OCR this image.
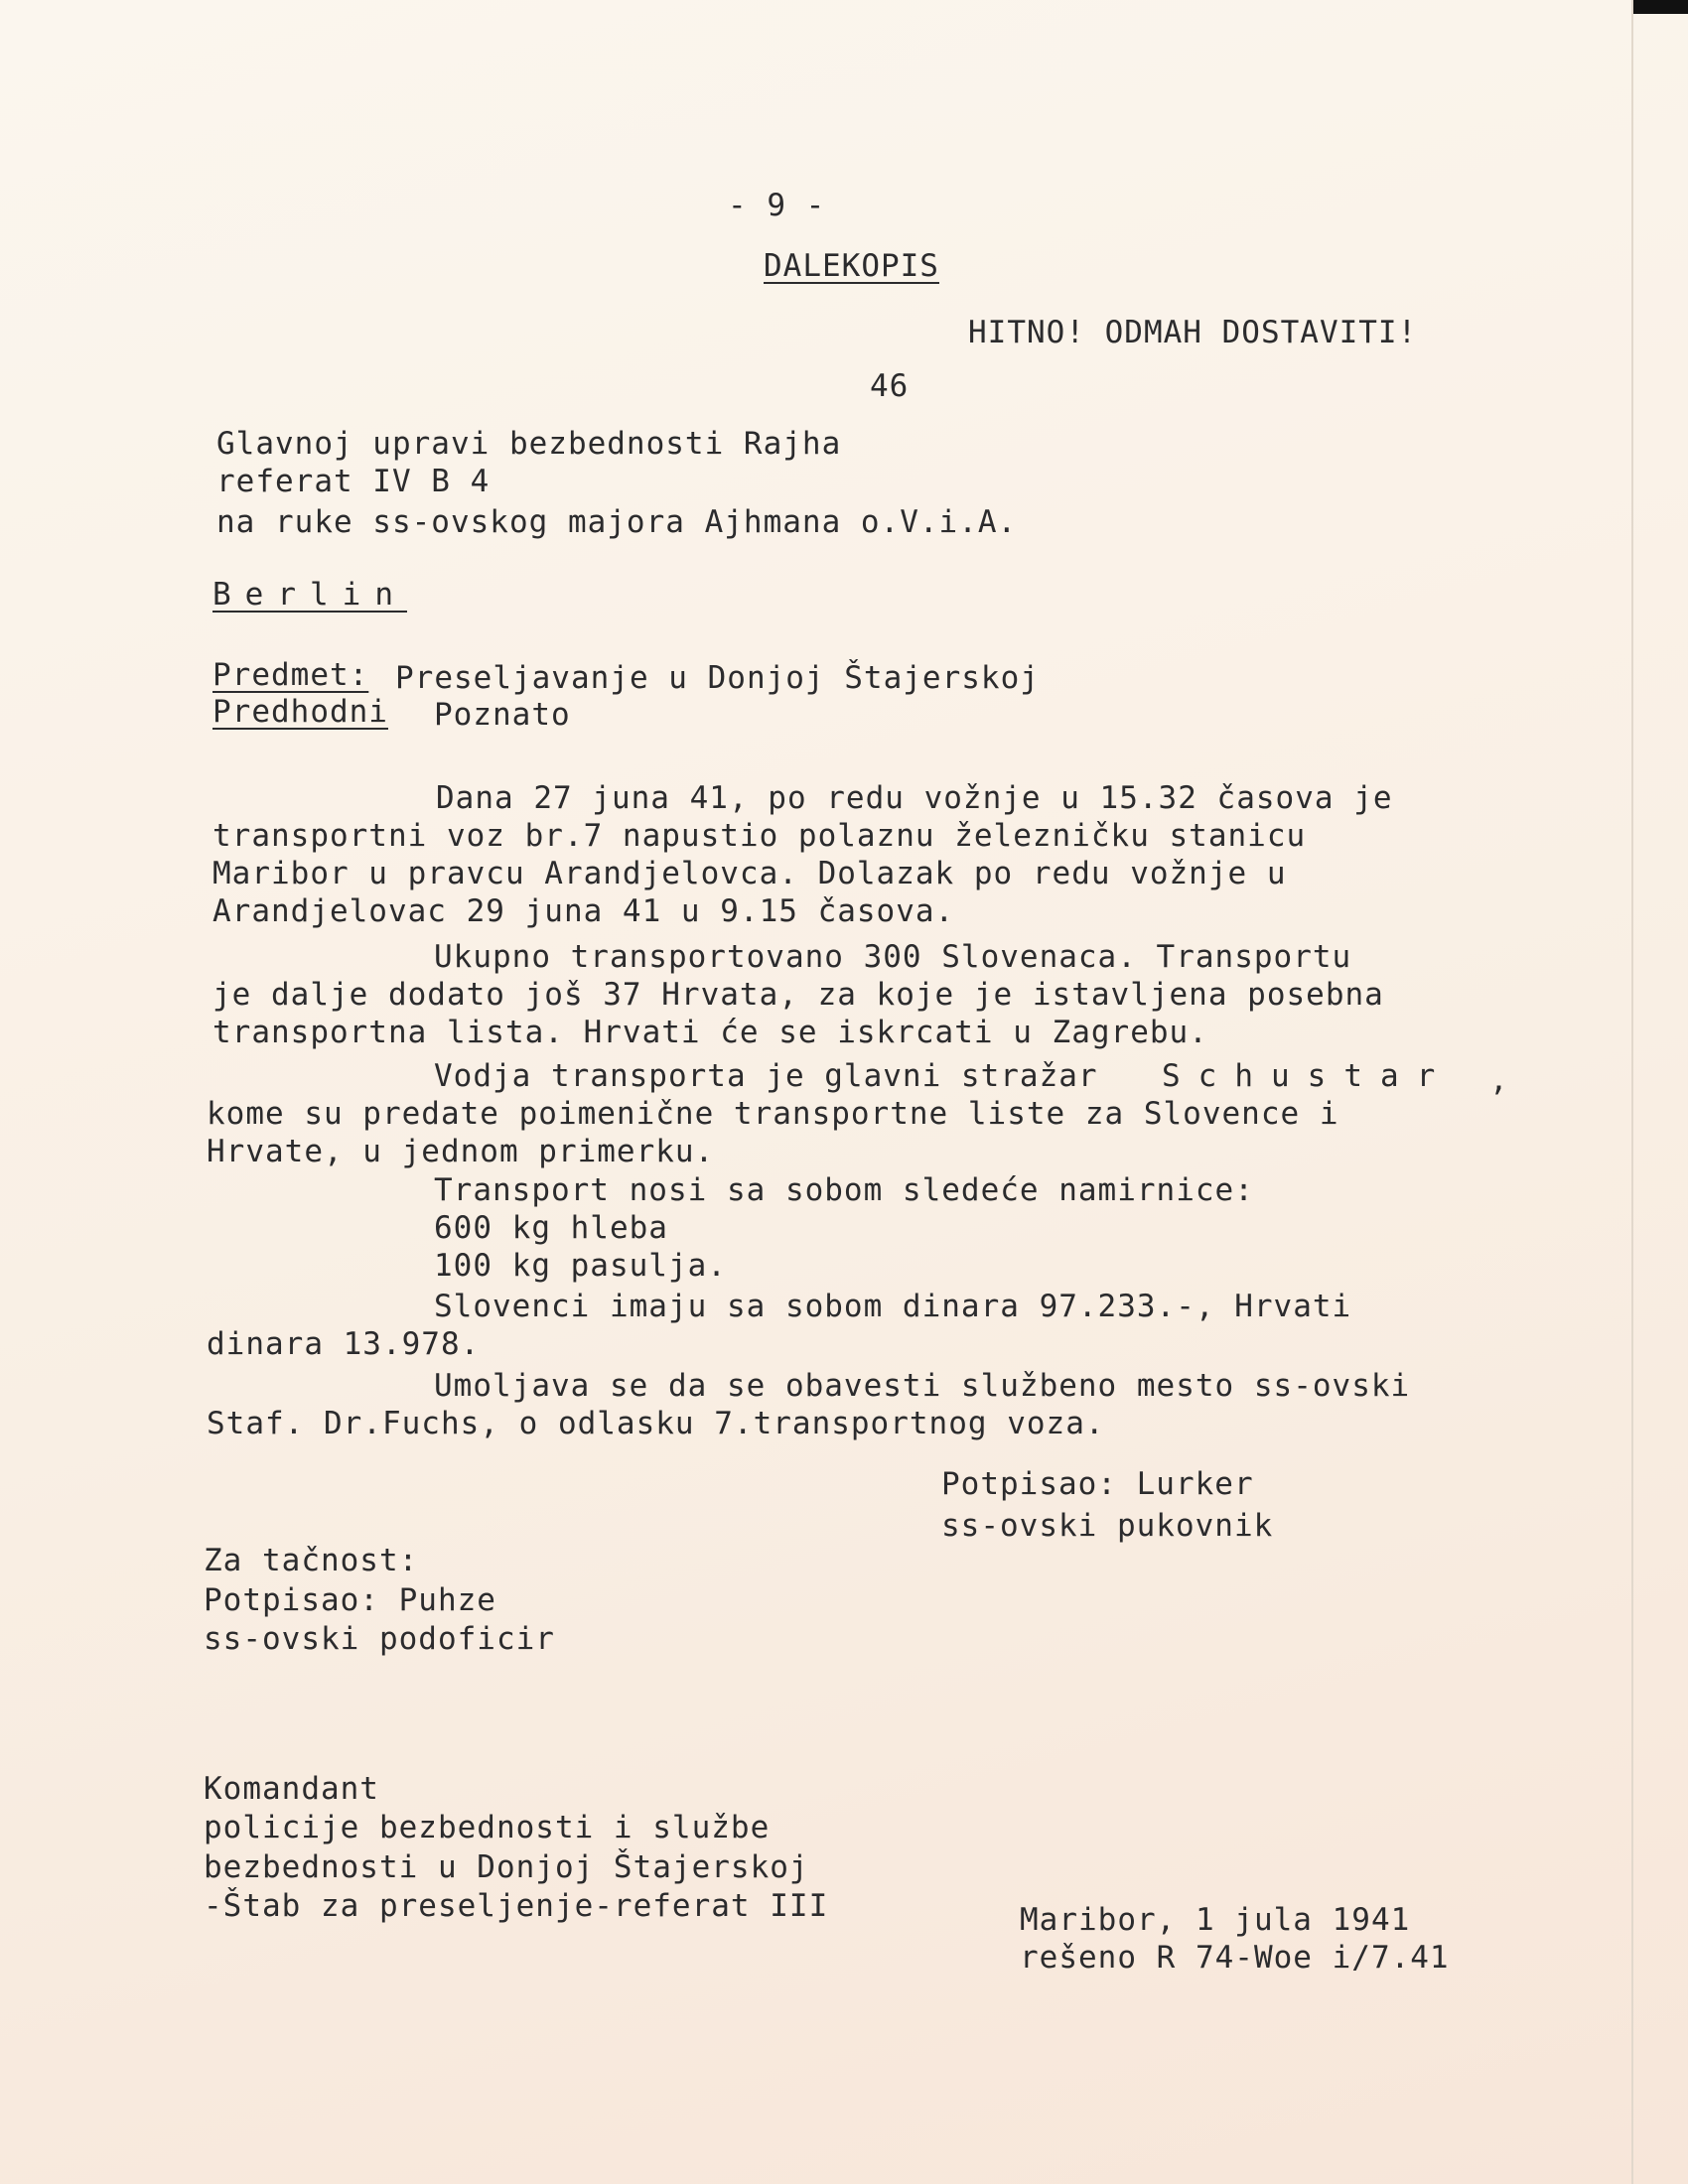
- 9 -
DALEKOPIS
HITNO! ODMAH DOSTAVITI!
46
Glavnoj upravi bezbednosti Rajha
referat IV B 4
na ruke ss-ovskog majora Ajhmana o.V.i.A.
Berlin
Predmet: Preseljavanje u Donjoj Štajerskoj
Predhodni Poznato
Dana 27 juna 41, po redu vožnje u 15.32 časova je
transportni voz br.7 napustio polaznu železničku stanicu
Maribor u pravcu Arandjelovca. Dolazak po redu vožnje u
Arandjelovac 29 juna 41 u 9.15 časova.
Ukupno transportovano 300 Slovenaca. Transportu
je dalje dodato još 37 Hrvata, za koje je istavljena posebna
transportna lista. Hrvati će se iskrcati u Zagrebu.
Vodja transporta je glavni stražar Schustar ,
kome su predate poimenične transportne liste za Slovence i
Hrvate, u jednom primerku.
Transport nosi sa sobom sledeće namirnice:
600 kg hleba
100 kg pasulja.
Slovenci imaju sa sobom dinara 97.233.-, Hrvati
dinara 13.978.
Umoljava se da se obavesti službeno mesto ss-ovski
Staf. Dr.Fuchs, o odlasku 7.transportnog voza.
Potpisao: Lurker
ss-ovski pukovnik
Za tačnost:
Potpisao: Puhze
ss-ovski podoficir
Komandant
policije bezbednosti i službe
bezbednosti u Donjoj Štajerskoj
-Štab za preseljenje-referat III	Maribor, 1 jula 1941
rešeno R 74-Woe i/7.41
